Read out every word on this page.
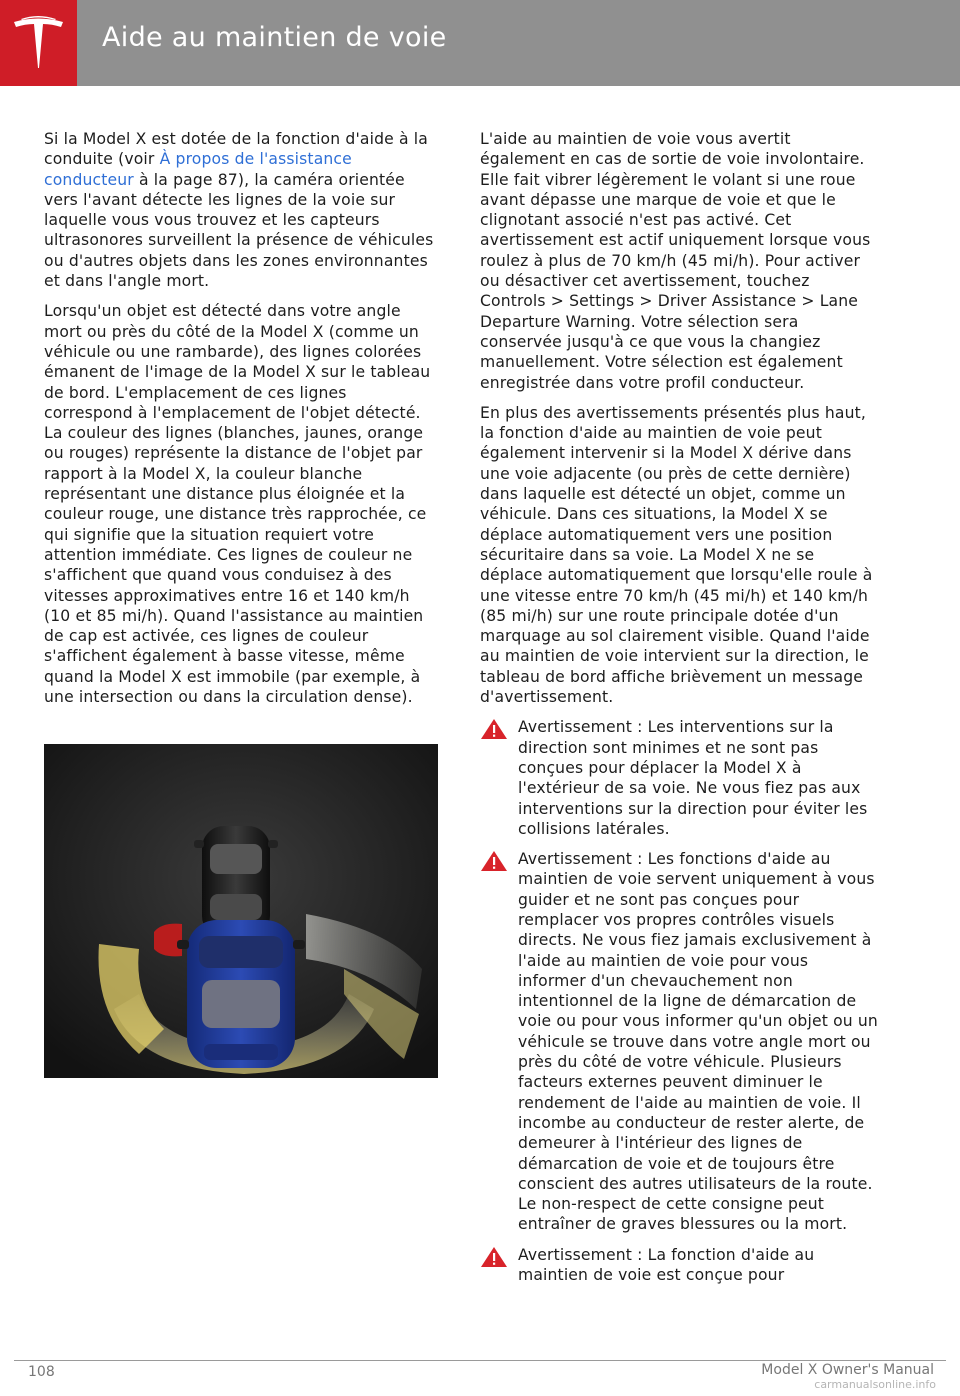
Aide au maintien de voie

Si la Model X est dotée de la fonction d'aide à la conduite (voir À propos de l'assistance conducteur à la page 87), la caméra orientée vers l'avant détecte les lignes de la voie sur laquelle vous vous trouvez et les capteurs ultrasonores surveillent la présence de véhicules ou d'autres objets dans les zones environnantes et dans l'angle mort.

Lorsqu'un objet est détecté dans votre angle mort ou près du côté de la Model X (comme un véhicule ou une rambarde), des lignes colorées émanent de l'image de la Model X sur le tableau de bord. L'emplacement de ces lignes correspond à l'emplacement de l'objet détecté. La couleur des lignes (blanches, jaunes, orange ou rouges) représente la distance de l'objet par rapport à la Model X, la couleur blanche représentant une distance plus éloignée et la couleur rouge, une distance très rapprochée, ce qui signifie que la situation requiert votre attention immédiate. Ces lignes de couleur ne s'affichent que quand vous conduisez à des vitesses approximatives entre 16 et 140 km/h (10 et 85 mi/h). Quand l'assistance au maintien de cap est activée, ces lignes de couleur s'affichent également à basse vitesse, même quand la Model X est immobile (par exemple, à une intersection ou dans la circulation dense).

L'aide au maintien de voie vous avertit également en cas de sortie de voie involontaire. Elle fait vibrer légèrement le volant si une roue avant dépasse une marque de voie et que le clignotant associé n'est pas activé. Cet avertissement est actif uniquement lorsque vous roulez à plus de 70 km/h (45 mi/h). Pour activer ou désactiver cet avertissement, touchez Controls > Settings > Driver Assistance > Lane Departure Warning. Votre sélection sera conservée jusqu'à ce que vous la changiez manuellement. Votre sélection est également enregistrée dans votre profil conducteur.

En plus des avertissements présentés plus haut, la fonction d'aide au maintien de voie peut également intervenir si la Model X dérive dans une voie adjacente (ou près de cette dernière) dans laquelle est détecté un objet, comme un véhicule. Dans ces situations, la Model X se déplace automatiquement vers une position sécuritaire dans sa voie. La Model X ne se déplace automatiquement que lorsqu'elle roule à une vitesse entre 70 km/h (45 mi/h) et 140 km/h (85 mi/h) sur une route principale dotée d'un marquage au sol clairement visible. Quand l'aide au maintien de voie intervient sur la direction, le tableau de bord affiche brièvement un message d'avertissement.

Avertissement : Les interventions sur la direction sont minimes et ne sont pas conçues pour déplacer la Model X à l'extérieur de sa voie. Ne vous fiez pas aux interventions sur la direction pour éviter les collisions latérales.
Avertissement : Les fonctions d'aide au maintien de voie servent uniquement à vous guider et ne sont pas conçues pour remplacer vos propres contrôles visuels directs. Ne vous fiez jamais exclusivement à l'aide au maintien de voie pour vous informer d'un chevauchement non intentionnel de la ligne de démarcation de voie ou pour vous informer qu'un objet ou un véhicule se trouve dans votre angle mort ou près du côté de votre véhicule. Plusieurs facteurs externes peuvent diminuer le rendement de l'aide au maintien de voie. Il incombe au conducteur de rester alerte, de demeurer à l'intérieur des lignes de démarcation de voie et de toujours être conscient des autres utilisateurs de la route. Le non-respect de cette consigne peut entraîner de graves blessures ou la mort.
Avertissement : La fonction d'aide au maintien de voie est conçue pour
108	Model X Owner's Manual
carmanualsonline.info
